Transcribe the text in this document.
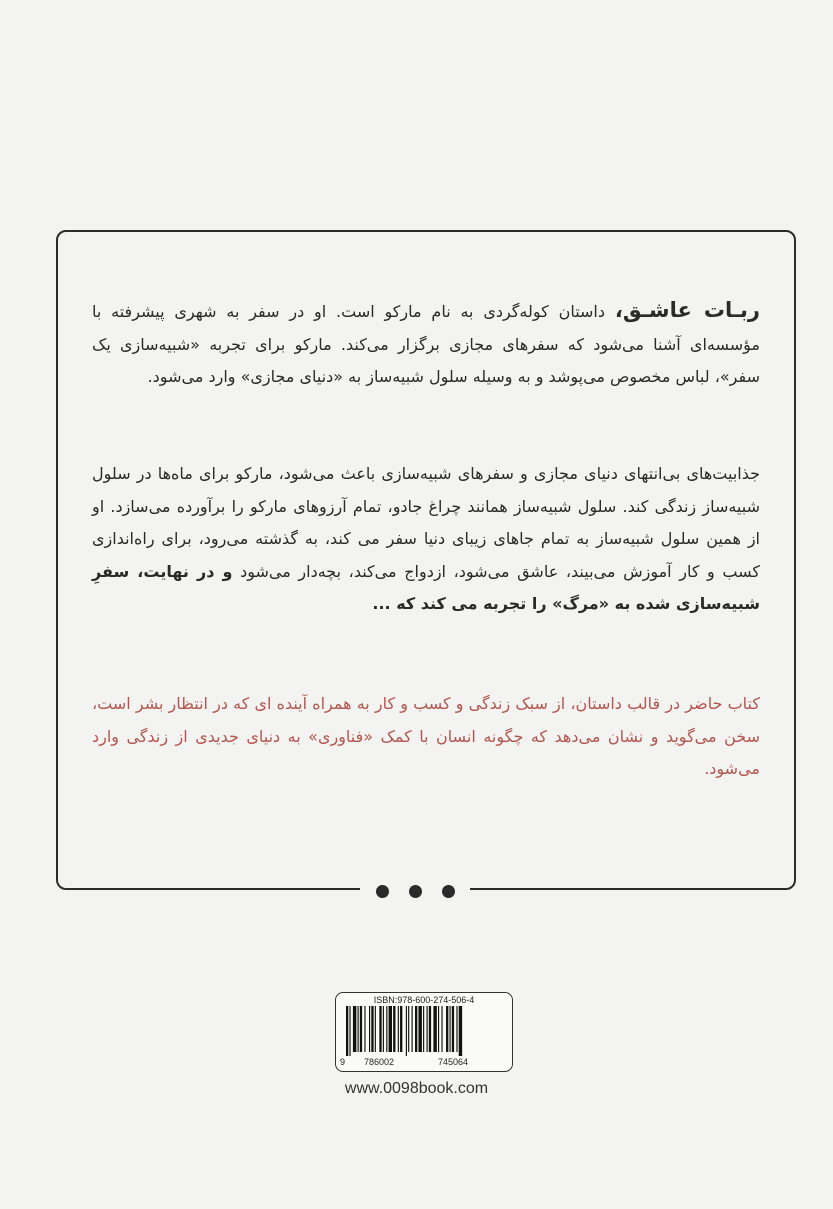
ربـات عاشـق، داستان کوله‌گردی به نام مارکو است. او در سفر به شهری پیشرفته با مؤسسه‌ای آشنا می‌شود که سفرهای مجازی برگزار می‌کند. مارکو برای تجربه «شبیه‌سازی یک سفر»، لباس مخصوص می‌پوشد و به وسیله سلول شبیه‌ساز به «دنیای مجازی» وارد می‌شود.
جذابیت‌های بی‌انتهای دنیای مجازی و سفرهای شبیه‌سازی باعث می‌شود، مارکو برای ماه‌ها در سلول شبیه‌ساز زندگی کند. سلول شبیه‌ساز همانند چراغ جادو، تمام آرزوهای مارکو را برآورده می‌سازد. او از همین سلول شبیه‌ساز به تمام جاهای زیبای دنیا سفر می کند، به گذشته می‌رود، برای راه‌اندازی کسب و کار آموزش می‌بیند، عاشق می‌شود، ازدواج می‌کند، بچه‌دار می‌شود و در نهایت، سفرِ شبیه‌سازی شده به «مرگ» را تجربه می کند که ...
کتاب حاضر در قالب داستان، از سبک زندگی و کسب و کار به همراه آینده ای که در انتظار بشر است، سخن می‌گوید و نشان می‌دهد که چگونه انسان با کمک «فناوری» به دنیای جدیدی از زندگی وارد می‌شود.
ISBN:978-600-274-506-4
9 786002	745064
www.0098book.com
